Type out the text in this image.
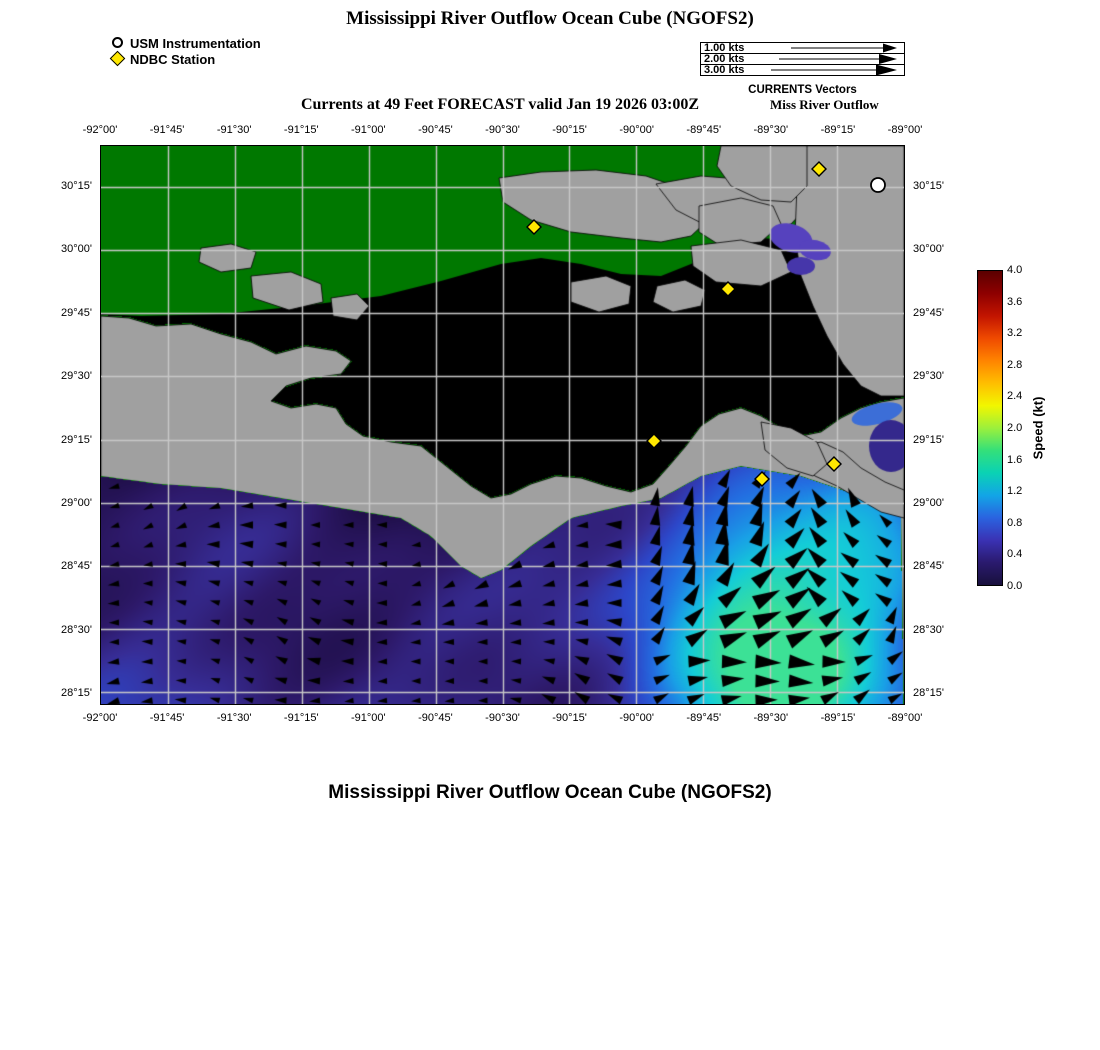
Mississippi River Outflow Ocean Cube (NGOFS2)
USM Instrumentation
NDBC Station
1.00 kts
2.00 kts
3.00 kts
CURRENTS Vectors
Currents at 49 Feet FORECAST valid Jan 19 2026 03:00Z	Miss River Outflow
4.0
3.6
3.2
2.8
2.4
2.0
1.6
1.2
0.8
0.4
0.0
Speed (kt)
Mississippi River Outflow Ocean Cube (NGOFS2)
-92°00'
-92°00'
-91°45'
-91°45'
-91°30'
-91°30'
-91°15'
-91°15'
-91°00'
-91°00'
-90°45'
-90°45'
-90°30'
-90°30'
-90°15'
-90°15'
-90°00'
-90°00'
-89°45'
-89°45'
-89°30'
-89°30'
-89°15'
-89°15'
-89°00'
-89°00'
30°15'	30°15'
30°00'	30°00'
29°45'	29°45'
29°30'	29°30'
29°15'	29°15'
29°00'	29°00'
28°45'	28°45'
28°30'	28°30'
28°15'	28°15'
